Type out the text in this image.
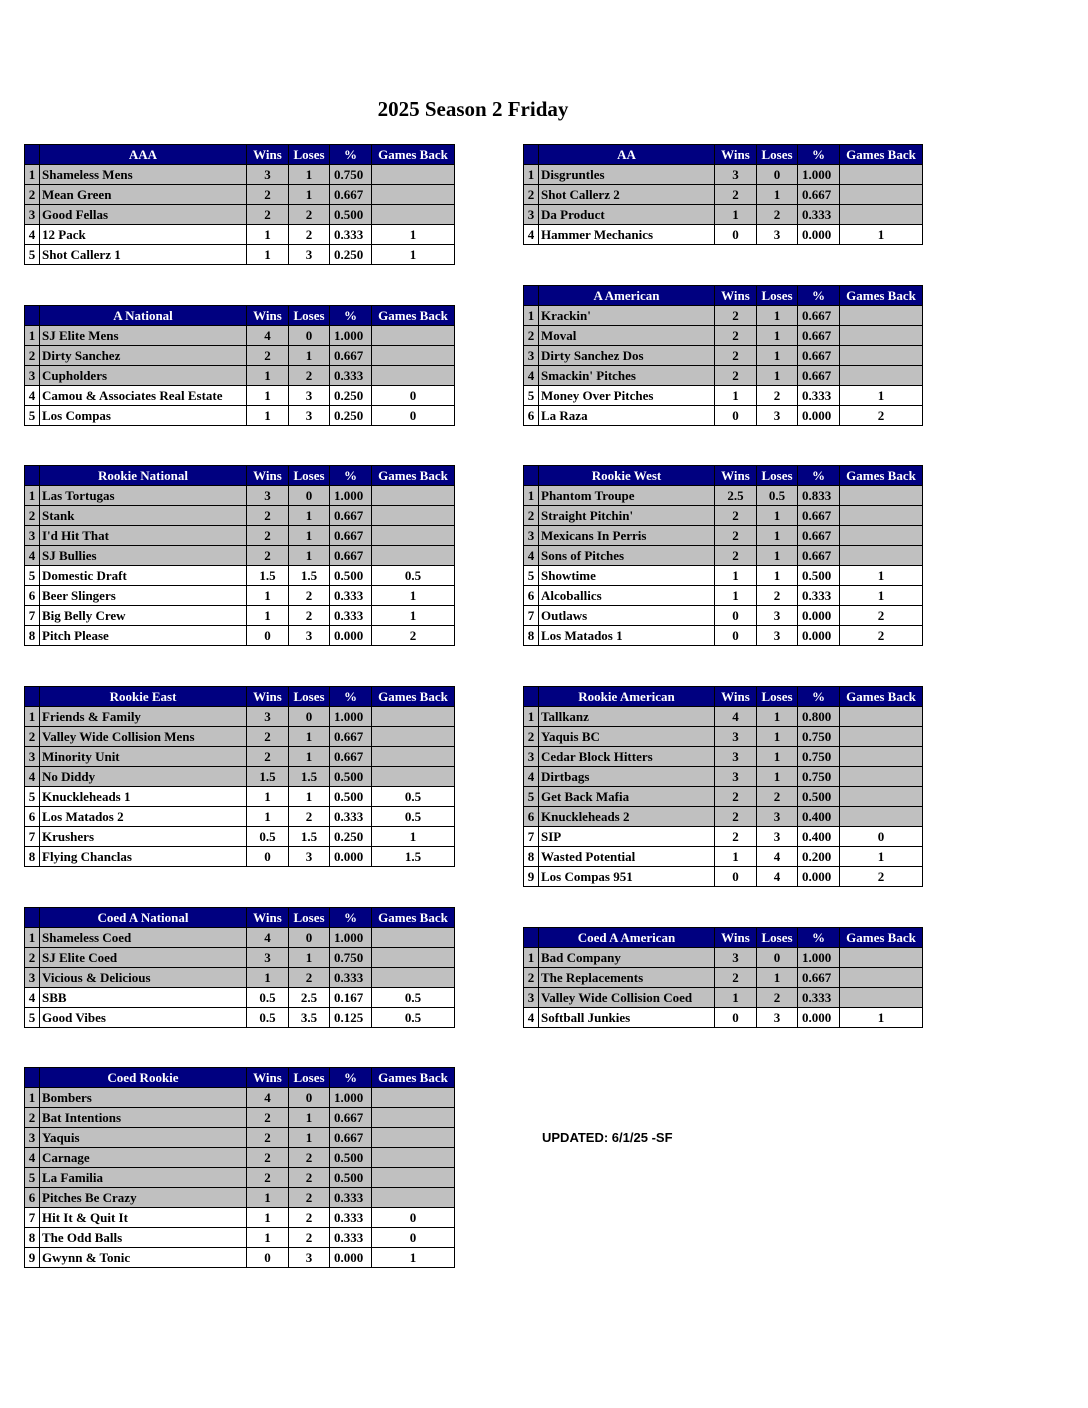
2025 Season 2 Friday
	AAA	Wins	Loses	%	Games Back
1	Shameless Mens	3	1	0.750	
2	Mean Green	2	1	0.667	
3	Good Fellas	2	2	0.500	
4	12 Pack	1	2	0.333	1
5	Shot Callerz 1	1	3	0.250	1
	AA	Wins	Loses	%	Games Back
1	Disgruntles	3	0	1.000	
2	Shot Callerz 2	2	1	0.667	
3	Da Product	1	2	0.333	
4	Hammer Mechanics	0	3	0.000	1
	A National	Wins	Loses	%	Games Back
1	SJ Elite Mens	4	0	1.000	
2	Dirty Sanchez	2	1	0.667	
3	Cupholders	1	2	0.333	
4	Camou & Associates Real Estate	1	3	0.250	0
5	Los Compas	1	3	0.250	0
	A American	Wins	Loses	%	Games Back
1	Krackin'	2	1	0.667	
2	Moval	2	1	0.667	
3	Dirty Sanchez Dos	2	1	0.667	
4	Smackin' Pitches	2	1	0.667	
5	Money Over Pitches	1	2	0.333	1
6	La Raza	0	3	0.000	2
	Rookie National	Wins	Loses	%	Games Back
1	Las Tortugas	3	0	1.000	
2	Stank	2	1	0.667	
3	I'd Hit That	2	1	0.667	
4	SJ Bullies	2	1	0.667	
5	Domestic Draft	1.5	1.5	0.500	0.5
6	Beer Slingers	1	2	0.333	1
7	Big Belly Crew	1	2	0.333	1
8	Pitch Please	0	3	0.000	2
	Rookie West	Wins	Loses	%	Games Back
1	Phantom Troupe	2.5	0.5	0.833	
2	Straight Pitchin'	2	1	0.667	
3	Mexicans In Perris	2	1	0.667	
4	Sons of Pitches	2	1	0.667	
5	Showtime	1	1	0.500	1
6	Alcoballics	1	2	0.333	1
7	Outlaws	0	3	0.000	2
8	Los Matados 1	0	3	0.000	2
	Rookie East	Wins	Loses	%	Games Back
1	Friends & Family	3	0	1.000	
2	Valley Wide Collision Mens	2	1	0.667	
3	Minority Unit	2	1	0.667	
4	No Diddy	1.5	1.5	0.500	
5	Knuckleheads 1	1	1	0.500	0.5
6	Los Matados 2	1	2	0.333	0.5
7	Krushers	0.5	1.5	0.250	1
8	Flying Chanclas	0	3	0.000	1.5
	Rookie American	Wins	Loses	%	Games Back
1	Tallkanz	4	1	0.800	
2	Yaquis BC	3	1	0.750	
3	Cedar Block Hitters	3	1	0.750	
4	Dirtbags	3	1	0.750	
5	Get Back Mafia	2	2	0.500	
6	Knuckleheads 2	2	3	0.400	
7	SIP	2	3	0.400	0
8	Wasted Potential	1	4	0.200	1
9	Los Compas 951	0	4	0.000	2
	Coed A National	Wins	Loses	%	Games Back
1	Shameless Coed	4	0	1.000	
2	SJ Elite Coed	3	1	0.750	
3	Vicious & Delicious	1	2	0.333	
4	SBB	0.5	2.5	0.167	0.5
5	Good Vibes	0.5	3.5	0.125	0.5
	Coed A American	Wins	Loses	%	Games Back
1	Bad Company	3	0	1.000	
2	The Replacements	2	1	0.667	
3	Valley Wide Collision Coed	1	2	0.333	
4	Softball Junkies	0	3	0.000	1
	Coed Rookie	Wins	Loses	%	Games Back
1	Bombers	4	0	1.000	
2	Bat Intentions	2	1	0.667	
3	Yaquis	2	1	0.667	
4	Carnage	2	2	0.500	
5	La Familia	2	2	0.500	
6	Pitches Be Crazy	1	2	0.333	
7	Hit It & Quit It	1	2	0.333	0
8	The Odd Balls	1	2	0.333	0
9	Gwynn & Tonic	0	3	0.000	1
UPDATED: 6/1/25 -SF
